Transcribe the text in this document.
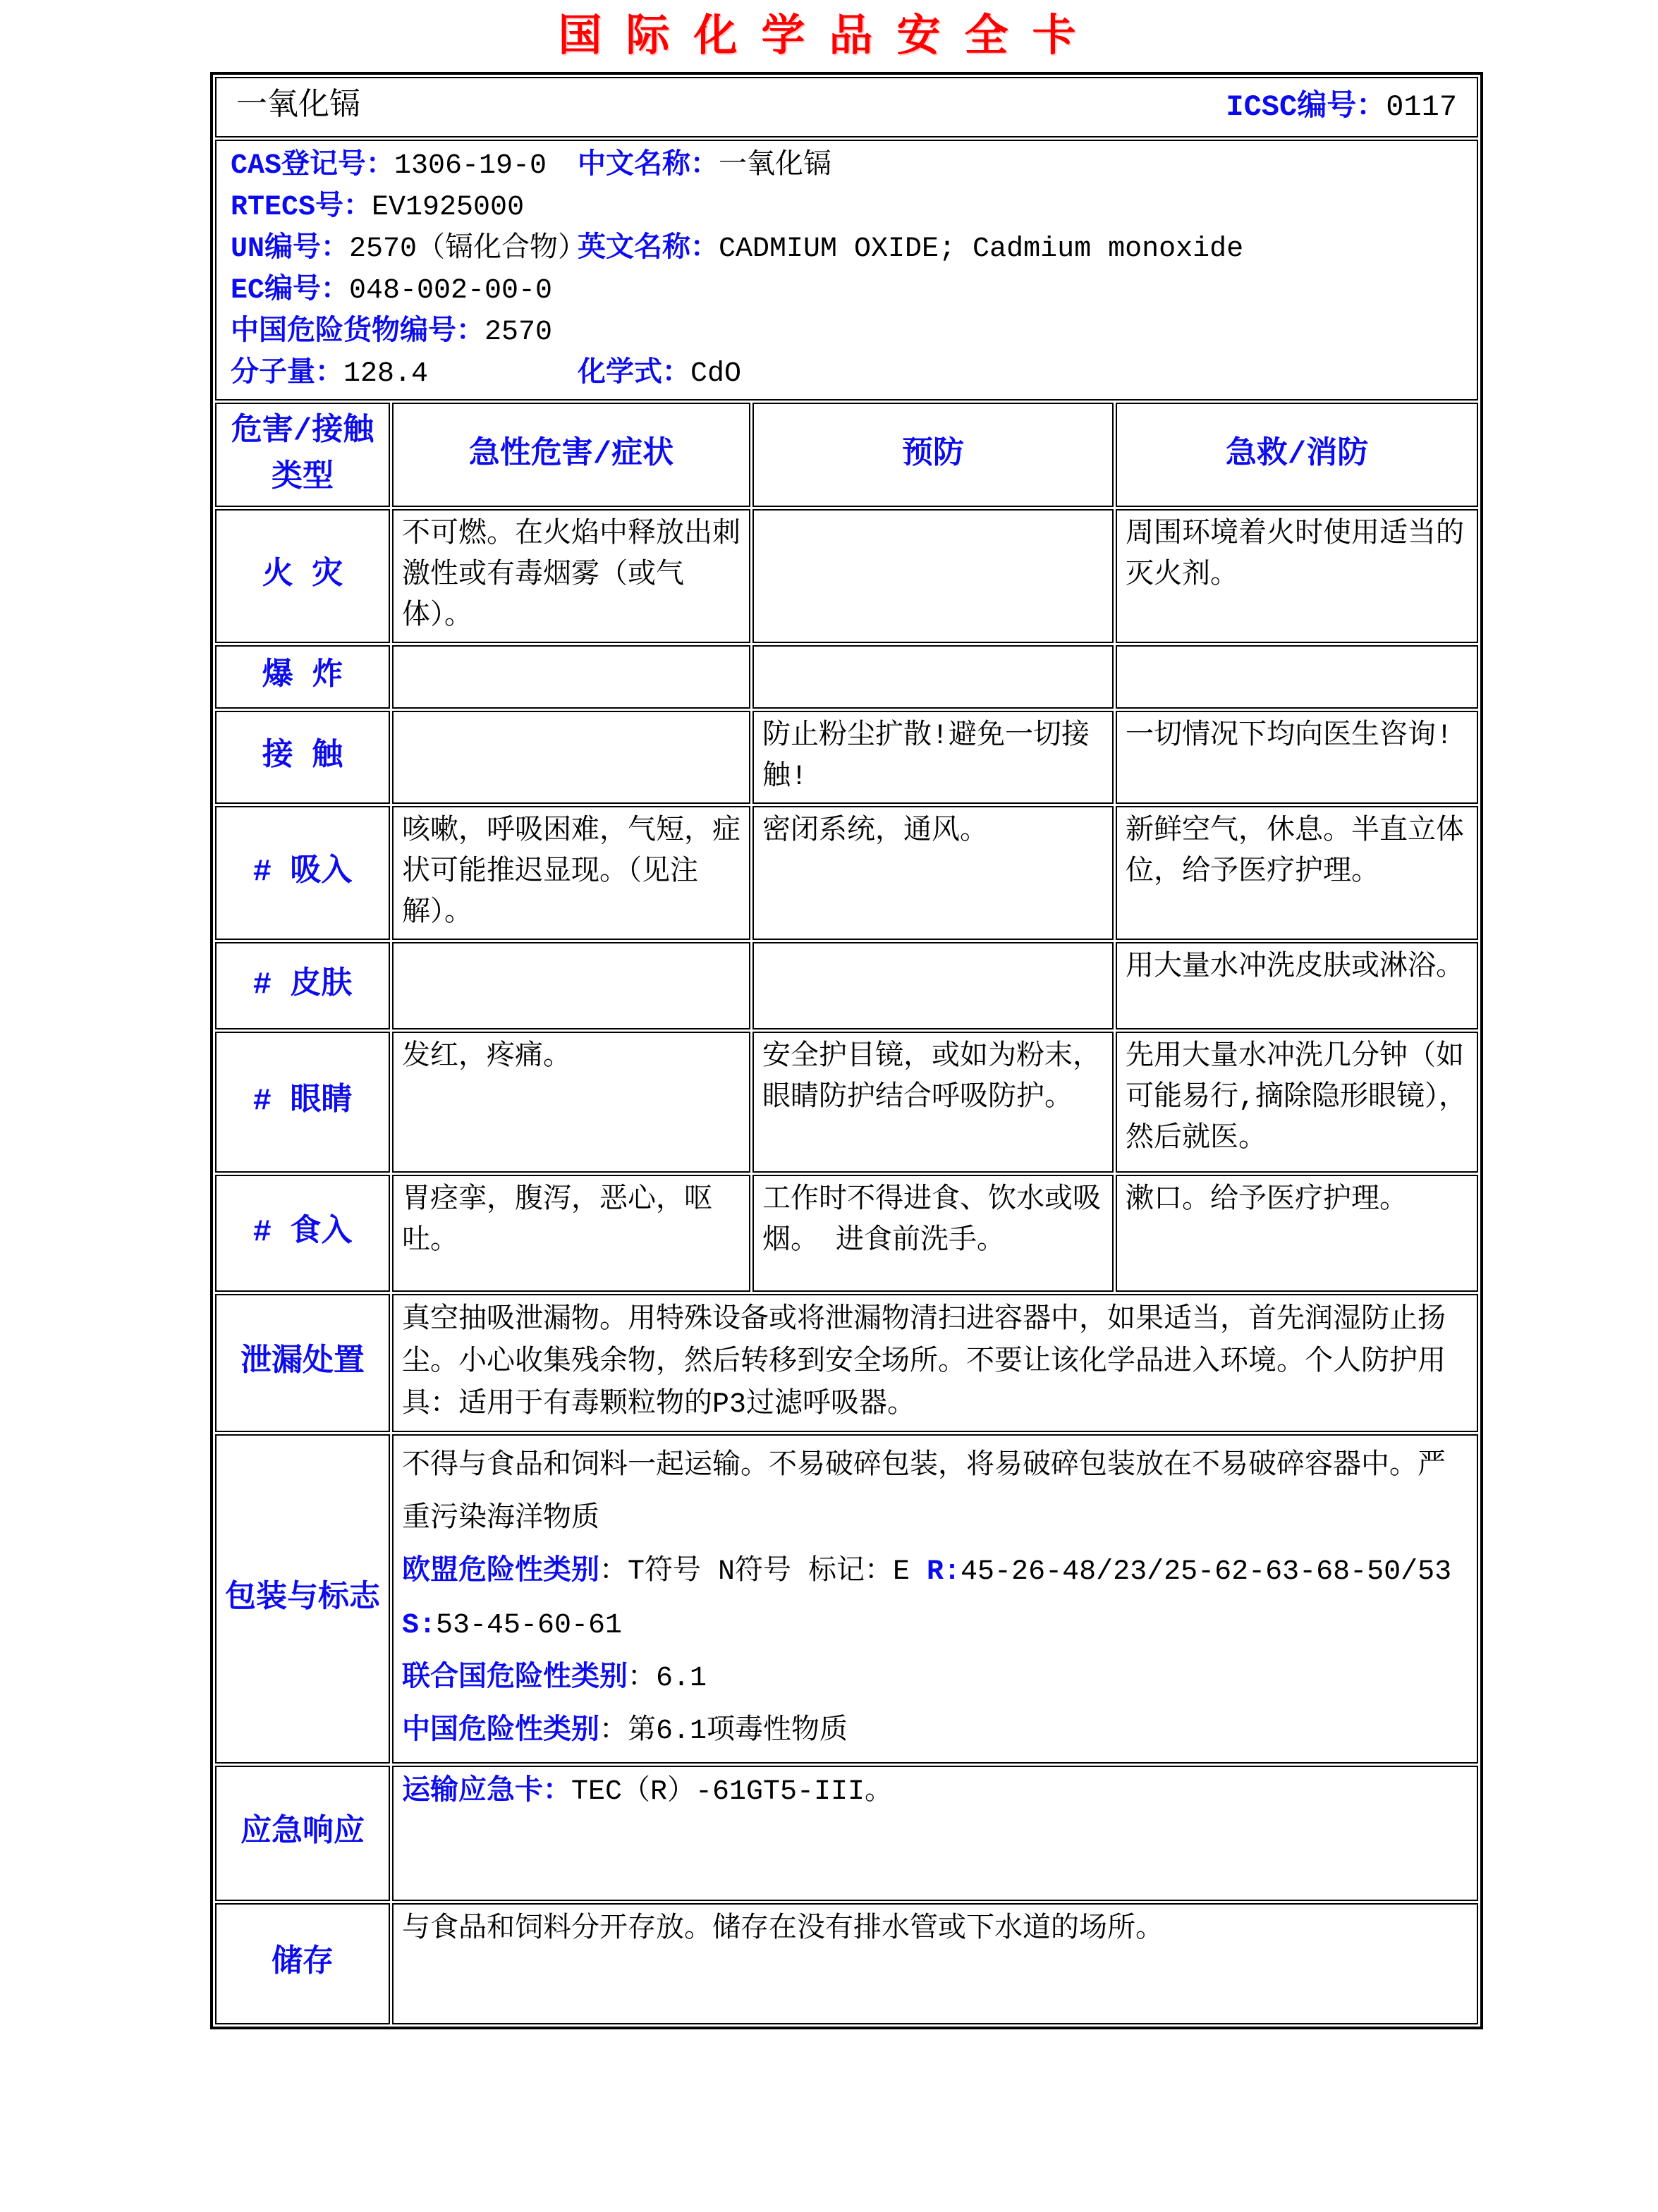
国际化学品安全卡
一氧化镉 ICSC编号：0117			

CAS登记号：1306-19-0	中文名称：一氧化镉
RTECS号：EV1925000
UN编号：2570（镉化合物）
英文名称：CADMIUM OXIDE; Cadmium monoxide
EC编号：048-002-00-0
中国危险货物编号：2570
分子量：128.4	化学式：CdO

危害/接触类型	急性危害/症状	预防	急救/消防
火 灾	不可燃。在火焰中释放出刺激性或有毒烟雾（或气体）。		周围环境着火时使用适当的灭火剂。
爆 炸			
接 触		防止粉尘扩散!避免一切接触!	一切情况下均向医生咨询!
# 吸入	咳嗽，呼吸困难，气短，症状可能推迟显现。（见注解）。	密闭系统，通风。	新鲜空气，休息。半直立体位，给予医疗护理。
# 皮肤			用大量水冲洗皮肤或淋浴。
# 眼睛	发红，疼痛。	安全护目镜，或如为粉末，眼睛防护结合呼吸防护。	先用大量水冲洗几分钟（如可能易行,摘除隐形眼镜），然后就医。
# 食入	胃痉挛，腹泻，恶心，呕吐。	工作时不得进食、饮水或吸烟。 进食前洗手。	漱口。给予医疗护理。
泄漏处置	真空抽吸泄漏物。用特殊设备或将泄漏物清扫进容器中，如果适当，首先润湿防止扬尘。小心收集残余物，然后转移到安全场所。不要让该化学品进入环境。个人防护用具：适用于有毒颗粒物的P3过滤呼吸器。		
包装与标志	不得与食品和饲料一起运输。不易破碎包装，将易破碎包装放在不易破碎容器中。严重污染海洋物质
欧盟危险性类别：T符号 N符号 标记：E R:45-26-48/23/25-62-63-68-50/53 S:53-45-60-61
联合国危险性类别：6.1
中国危险性类别：第6.1项毒性物质		

应急响应	运输应急卡：TEC（R）-61GT5-III。		
储存	与食品和饲料分开存放。储存在没有排水管或下水道的场所。		
